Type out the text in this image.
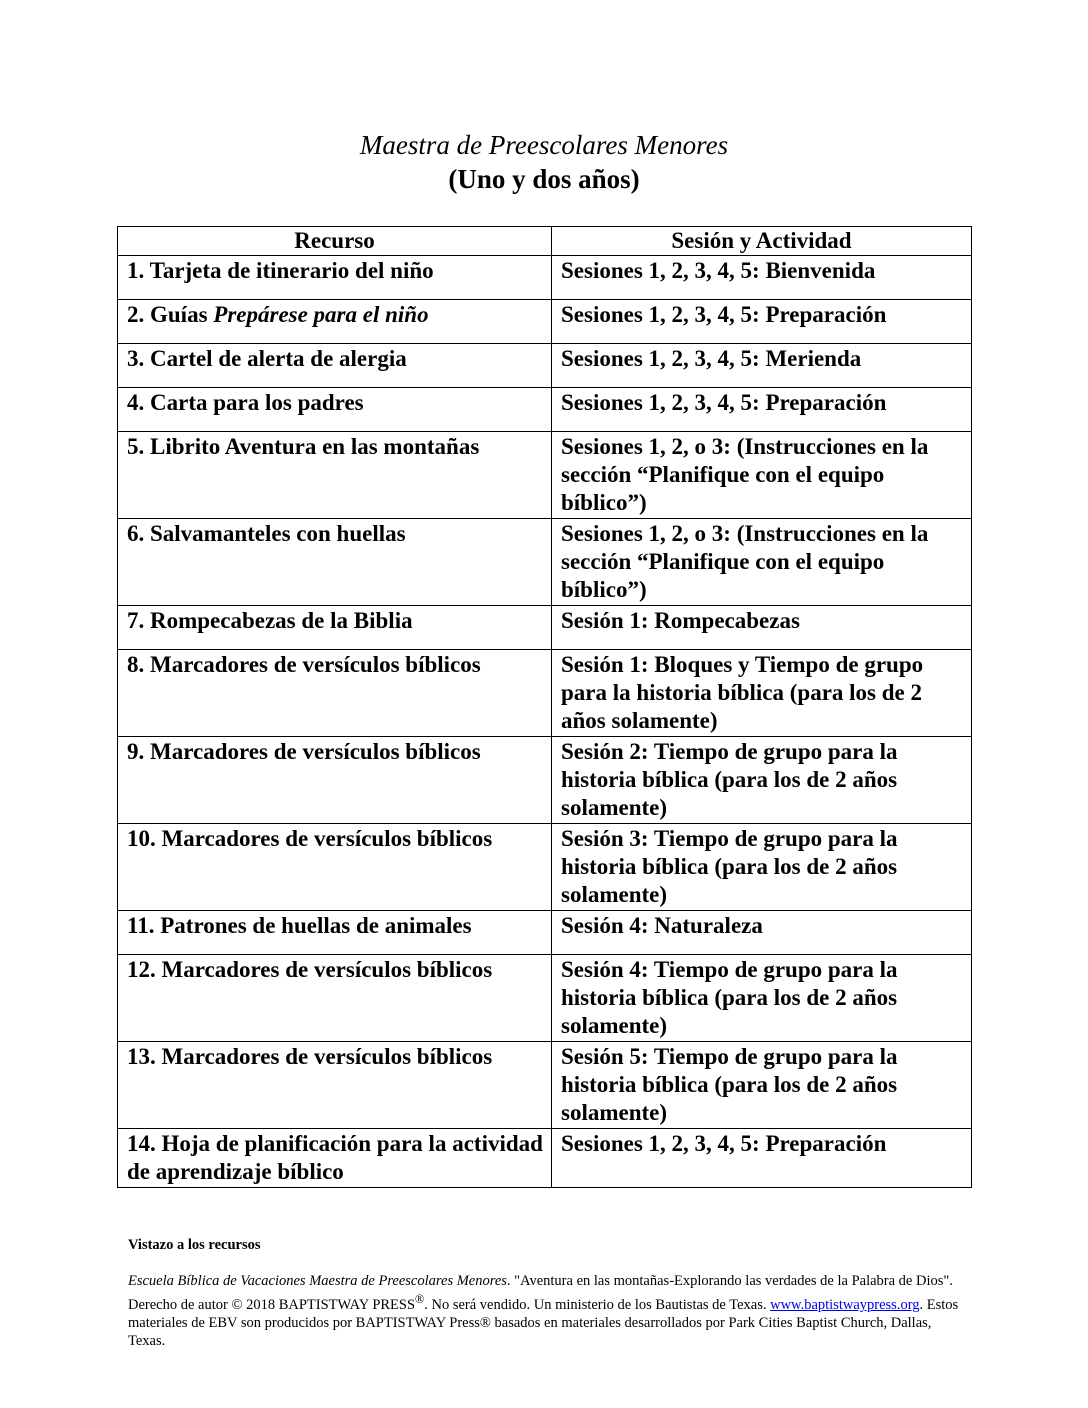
Maestra de Preescolares Menores
(Uno y dos años)
Recurso	Sesión y Actividad
1. Tarjeta de itinerario del niño	Sesiones 1, 2, 3, 4, 5: Bienvenida
2. Guías Prepárese para el niño	Sesiones 1, 2, 3, 4, 5: Preparación
3. Cartel de alerta de alergia	Sesiones 1, 2, 3, 4, 5: Merienda
4. Carta para los padres	Sesiones 1, 2, 3, 4, 5: Preparación
5. Librito Aventura en las montañas	Sesiones 1, 2, o 3: (Instrucciones en la sección “Planifique con el equipo bíblico”)
6. Salvamanteles con huellas	Sesiones 1, 2, o 3: (Instrucciones en la sección “Planifique con el equipo bíblico”)
7. Rompecabezas de la Biblia	Sesión 1: Rompecabezas
8. Marcadores de versículos bíblicos	Sesión 1: Bloques y Tiempo de grupo para la historia bíblica (para los de 2 años solamente)
9. Marcadores de versículos bíblicos	Sesión 2: Tiempo de grupo para la historia bíblica (para los de 2 años solamente)
10. Marcadores de versículos bíblicos	Sesión 3: Tiempo de grupo para la historia bíblica (para los de 2 años solamente)
11. Patrones de huellas de animales	Sesión 4: Naturaleza
12. Marcadores de versículos bíblicos	Sesión 4: Tiempo de grupo para la historia bíblica (para los de 2 años solamente)
13. Marcadores de versículos bíblicos	Sesión 5: Tiempo de grupo para la historia bíblica (para los de 2 años solamente)
14. Hoja de planificación para la actividad de aprendizaje bíblico	Sesiones 1, 2, 3, 4, 5: Preparación
Vistazo a los recursos
Escuela Bíblica de Vacaciones Maestra de Preescolares Menores. "Aventura en las montañas-Explorando las verdades de la Palabra de Dios". Derecho de autor © 2018 BAPTISTWAY PRESS®. No será vendido. Un ministerio de los Bautistas de Texas. www.baptistwaypress.org. Estos materiales de EBV son producidos por BAPTISTWAY Press® basados en materiales desarrollados por Park Cities Baptist Church, Dallas, Texas.
